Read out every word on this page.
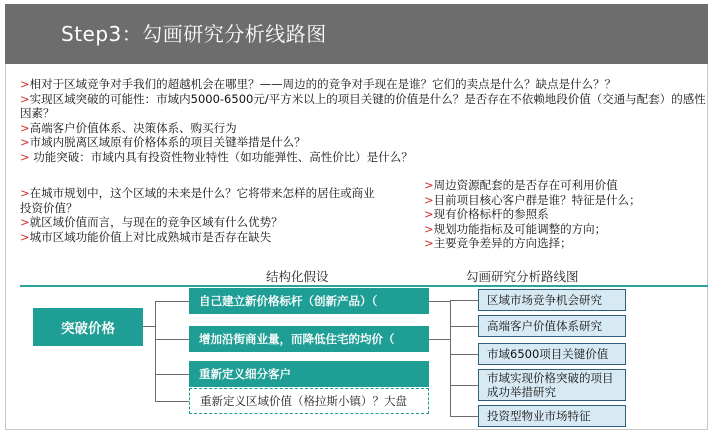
Step3：勾画研究分析线路图
>相对于区域竞争对手我们的超越机会在哪里？——周边的的竞争对手现在是谁？它们的卖点是什么？缺点是什么？？
>实现区域突破的可能性：市域内5000-6500元/平方米以上的项目关键的价值是什么？是否存在不依赖地段价值（交通与配套）的感性因素？
>高端客户价值体系、决策体系、购买行为
>市域内脱离区域原有价格体系的项目关键举措是什么？
> 功能突破：市域内具有投资性物业特性（如功能弹性、高性价比）是什么？
>在城市规划中，这个区域的未来是什么？它将带来怎样的居住或商业投资价值？
>就区域价值而言，与现在的竞争区域有什么优势？
>城市区域功能价值上对比成熟城市是否存在缺失
>周边资源配套的是否存在可利用价值
>目前项目核心客户群是谁？特征是什么；
>现有价格标杆的参照系
>规划功能指标及可能调整的方向；
>主要竞争差异的方向选择；
结构化假设	勾画研究分析路线图
突破价格
自己建立新价格标杆（创新产品）（
增加沿街商业量，而降低住宅的均价（
重新定义细分客户
重新定义区域价值（格拉斯小镇）？大盘
区域市场竞争机会研究
高端客户价值体系研究
市域6500项目关键价值
市域实现价格突破的项目成功举措研究
投资型物业市场特征
